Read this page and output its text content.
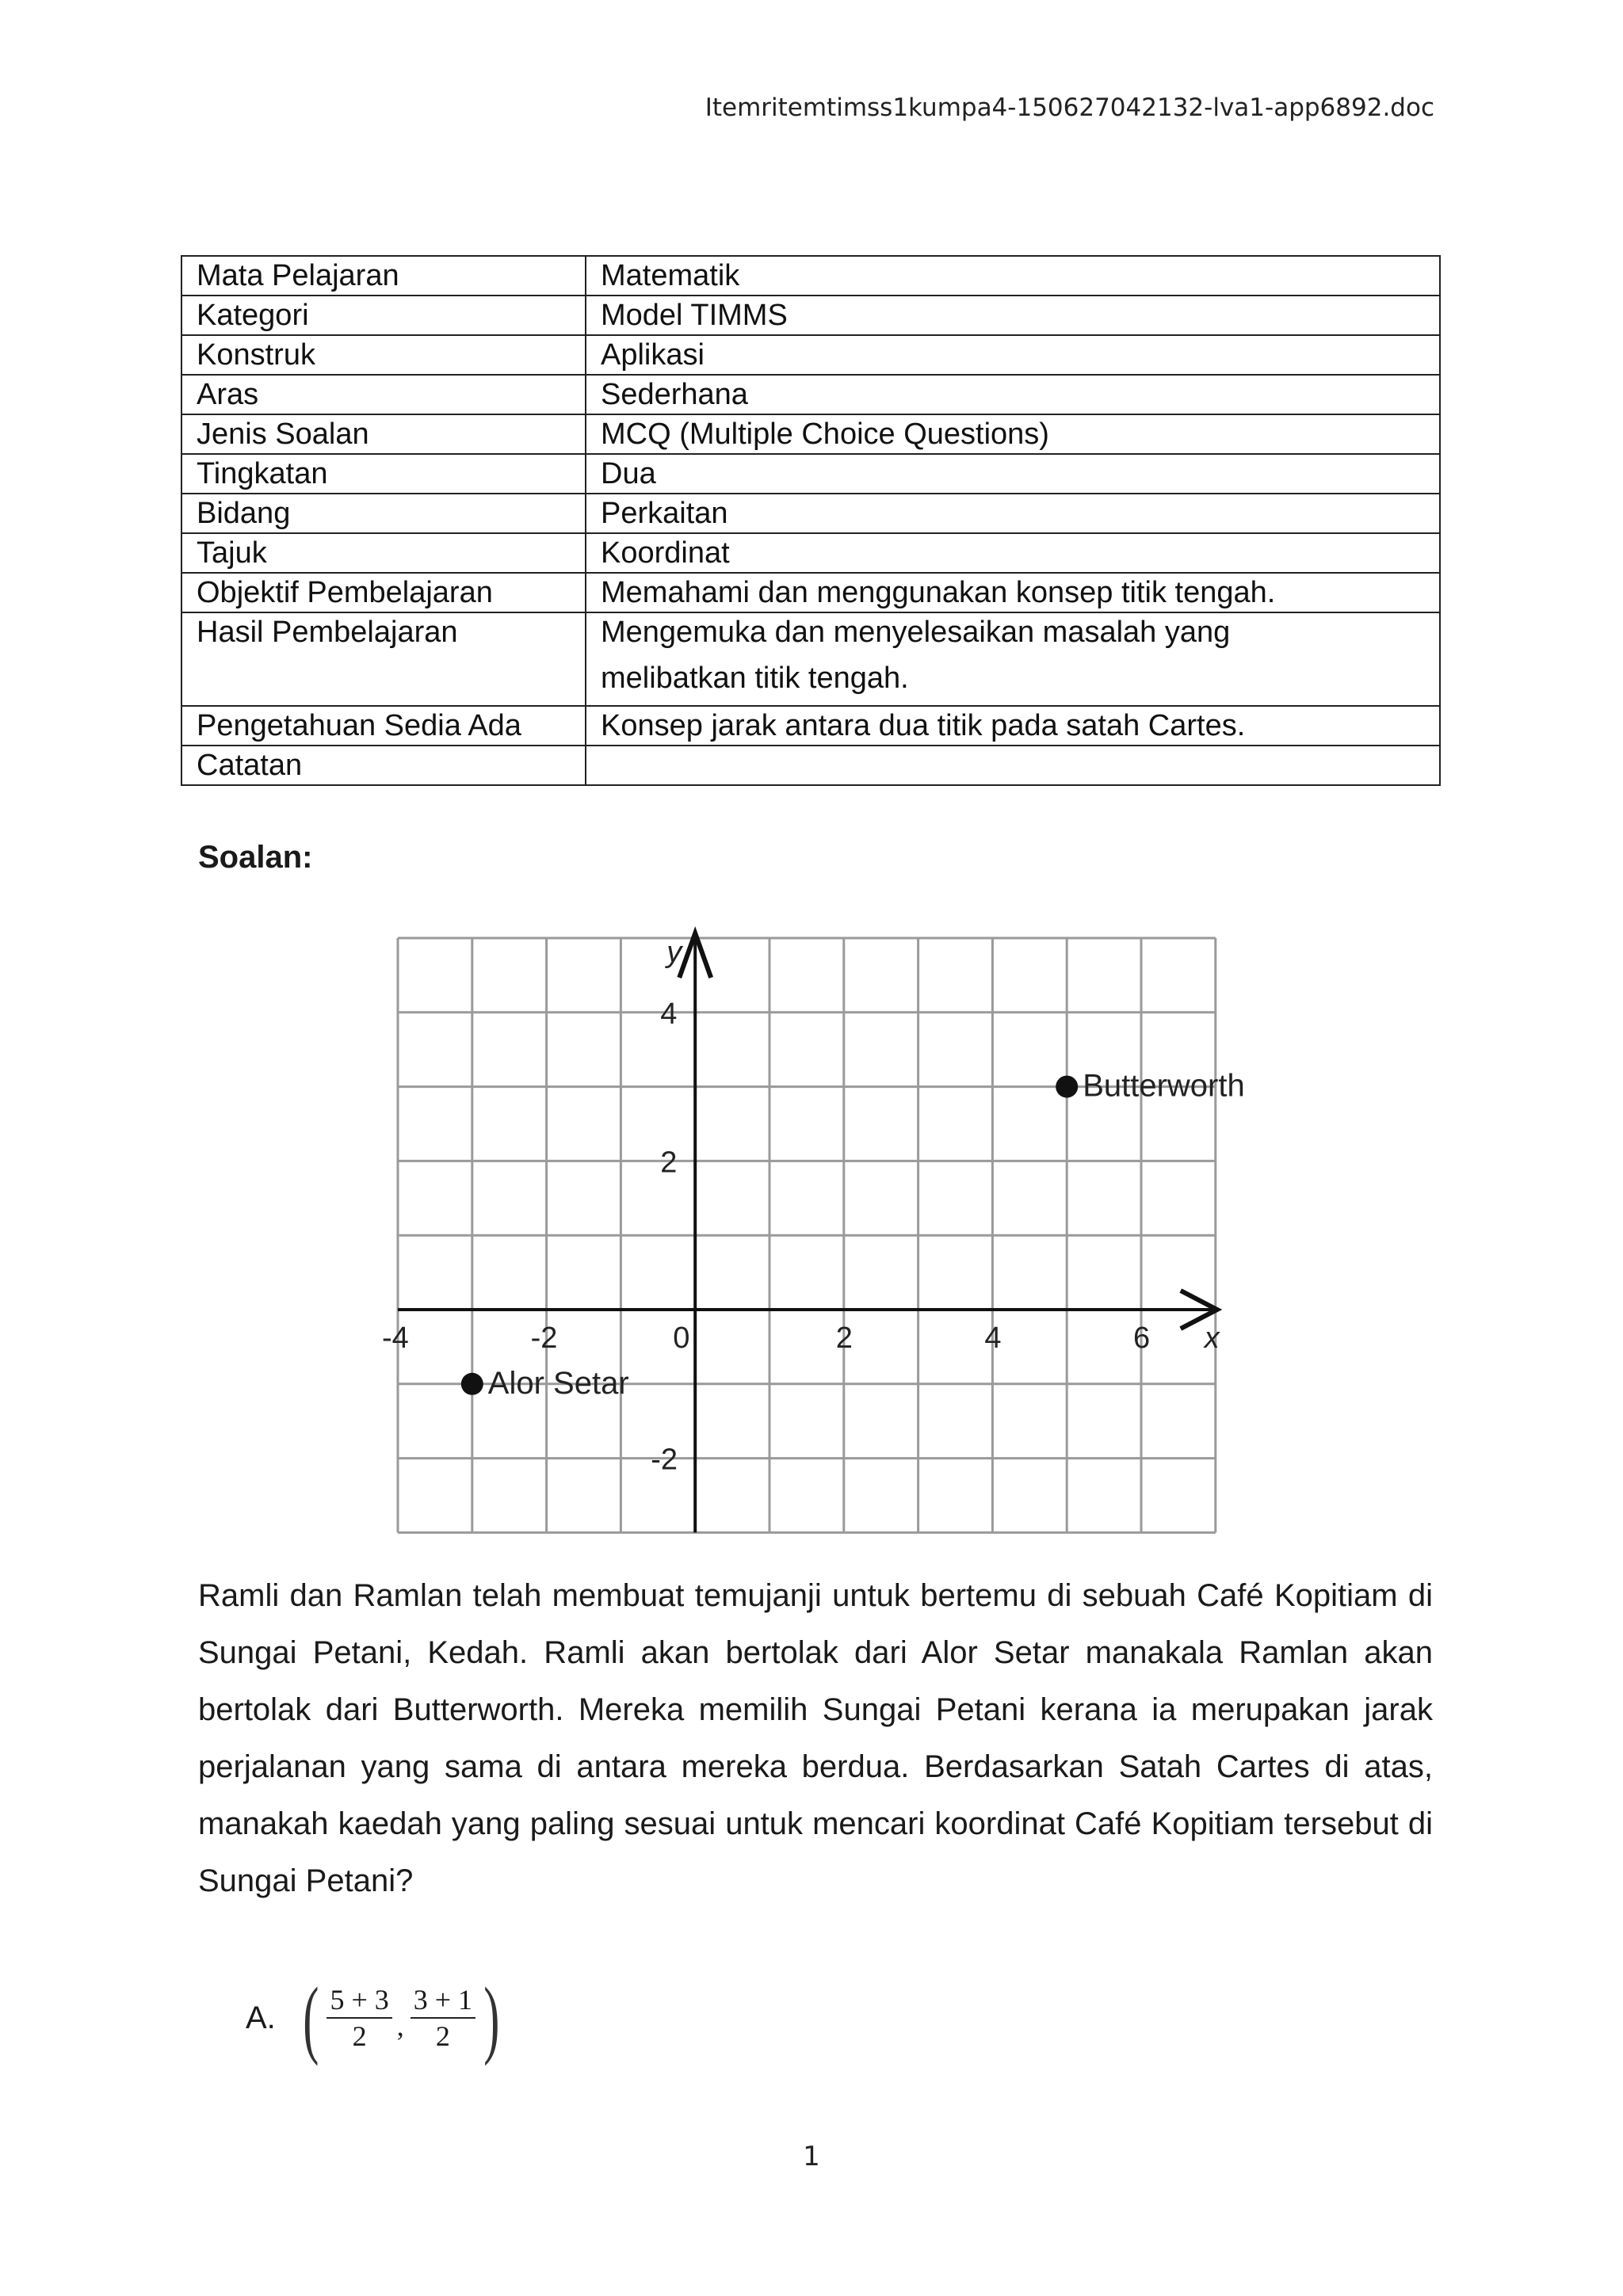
Itemritemtimss1kumpa4-150627042132-lva1-app6892.doc
Mata Pelajaran	Matematik
Kategori	Model TIMMS
Konstruk	Aplikasi
Aras	Sederhana
Jenis Soalan	MCQ (Multiple Choice Questions)
Tingkatan	Dua
Bidang	Perkaitan
Tajuk	Koordinat
Objektif Pembelajaran	Memahami dan menggunakan konsep titik tengah.
Hasil Pembelajaran	Mengemuka dan menyelesaikan masalah yang
melibatkan titik tengah.

Pengetahuan Sedia Ada	Konsep jarak antara dua titik pada satah Cartes.
Catatan	
Soalan:
-4	-2	0	2	4	6
4
2
-2
x
y
Butterworth
Alor Setar
Ramli dan Ramlan telah membuat temujanji untuk bertemu di sebuah Café Kopitiam di Sungai Petani, Kedah. Ramli akan bertolak dari Alor Setar manakala Ramlan akan bertolak dari Butterworth. Mereka memilih Sungai Petani kerana ia merupakan jarak perjalanan yang sama di antara mereka berdua. Berdasarkan Satah Cartes di atas, manakah kaedah yang paling sesuai untuk mencari koordinat Café Kopitiam tersebut di Sungai Petani?
A. ( $\frac{5 + 3}{2}$ , $\frac{3 + 1}{2}$ )
1
